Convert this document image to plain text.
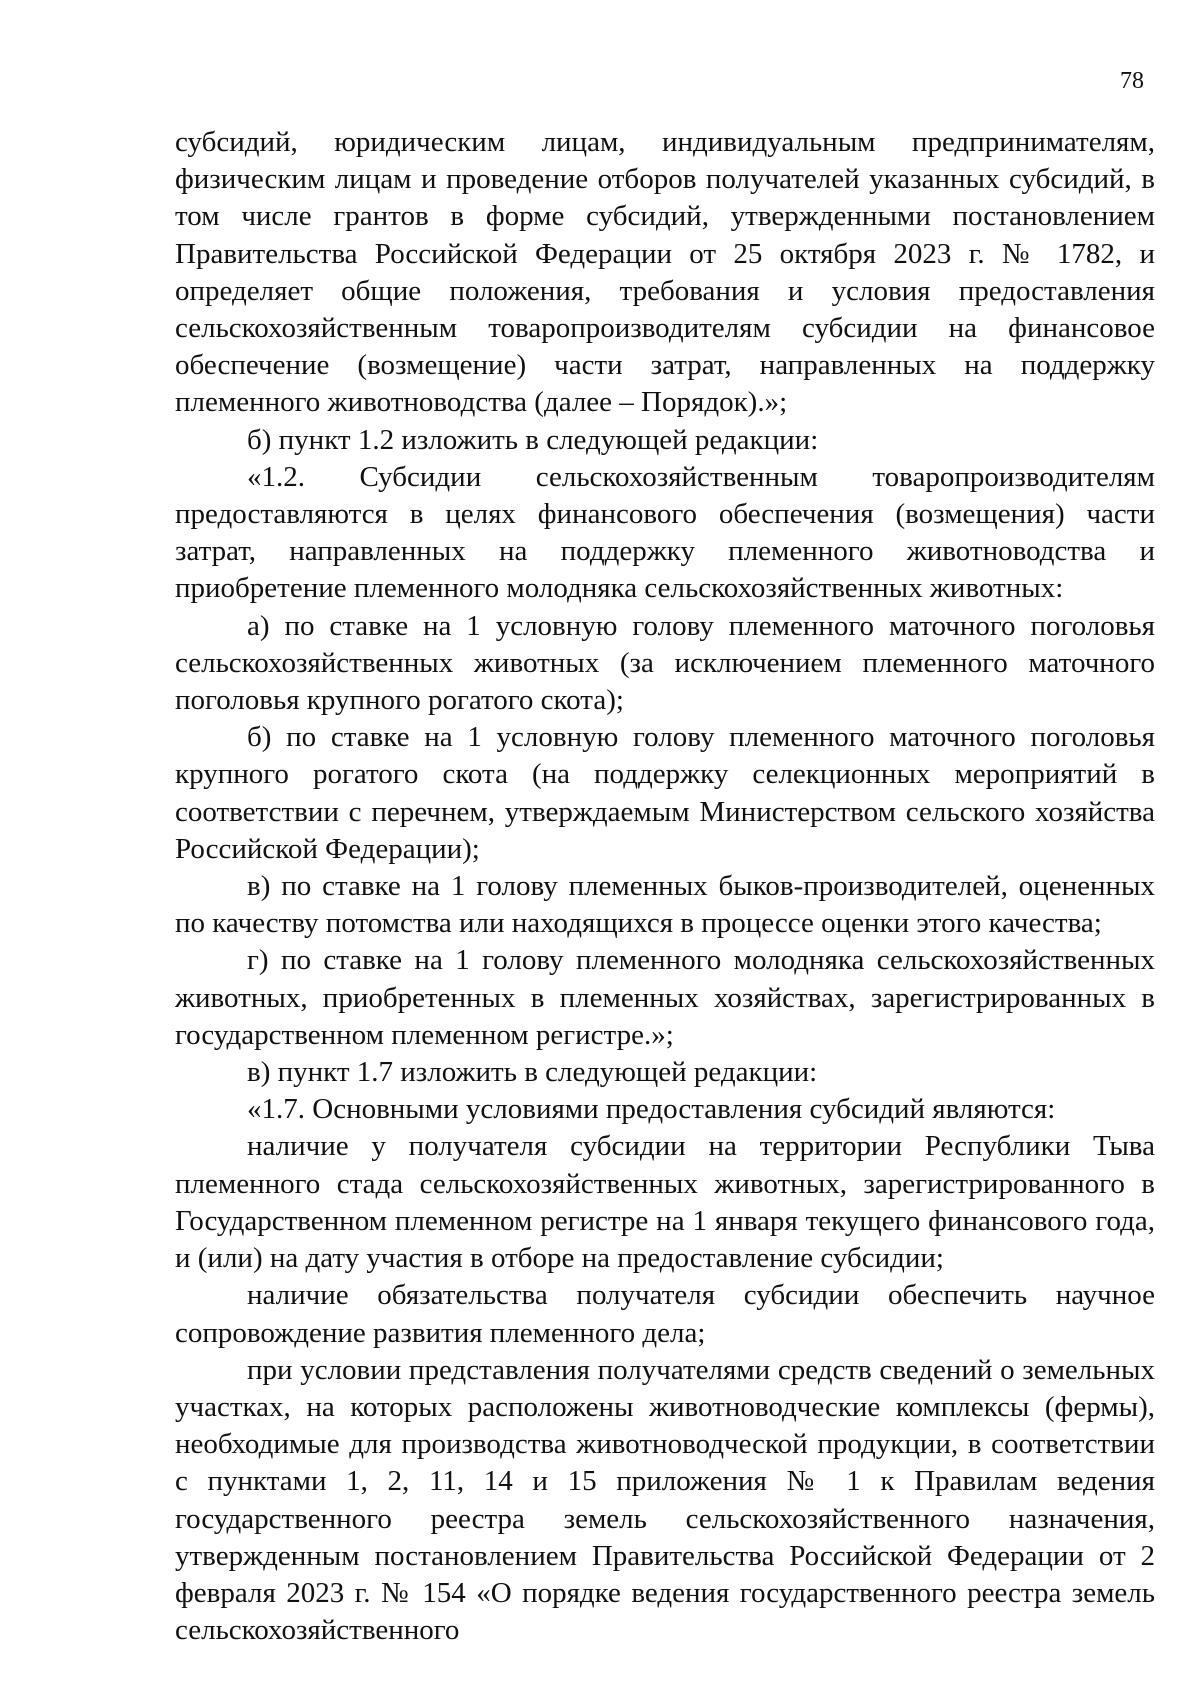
78

субсидий, юридическим лицам, индивидуальным предпринимателям, физическим лицам и проведение отборов получателей указанных субсидий, в том числе грантов в форме субсидий, утвержденными постановлением Правительства Российской Федерации от 25 октября 2023 г. № 1782, и определяет общие положения, требования и условия предоставления сельскохозяйственным товаропроизводителям субсидии на финансовое обеспечение (возмещение) части затрат, направленных на поддержку племенного животноводства (далее – Порядок).»;

б) пункт 1.2 изложить в следующей редакции:

«1.2. Субсидии сельскохозяйственным товаропроизводителям предоставляются в целях финансового обеспечения (возмещения) части затрат, направленных на поддержку племенного животноводства и приобретение племенного молодняка сельскохозяйственных животных:

а) по ставке на 1 условную голову племенного маточного поголовья сельскохозяйственных животных (за исключением племенного маточного поголовья крупного рогатого скота);

б) по ставке на 1 условную голову племенного маточного поголовья крупного рогатого скота (на поддержку селекционных мероприятий в соответствии с перечнем, утверждаемым Министерством сельского хозяйства Российской Федерации);

в) по ставке на 1 голову племенных быков-производителей, оцененных по качеству потомства или находящихся в процессе оценки этого качества;

г) по ставке на 1 голову племенного молодняка сельскохозяйственных животных, приобретенных в племенных хозяйствах, зарегистрированных в государственном племенном регистре.»;

в) пункт 1.7 изложить в следующей редакции:

«1.7. Основными условиями предоставления субсидий являются:

наличие у получателя субсидии на территории Республики Тыва племенного стада сельскохозяйственных животных, зарегистрированного в Государственном племенном регистре на 1 января текущего финансового года, и (или) на дату участия в отборе на предоставление субсидии;

наличие обязательства получателя субсидии обеспечить научное сопровождение развития племенного дела;

при условии представления получателями средств сведений о земельных участках, на которых расположены животноводческие комплексы (фермы), необходимые для производства животноводческой продукции, в соответствии с пунктами 1, 2, 11, 14 и 15 приложения № 1 к Правилам ведения государственного реестра земель сельскохозяйственного назначения, утвержденным постановлением Правительства Российской Федерации от 2 февраля 2023 г. № 154 «О порядке ведения государственного реестра земель сельскохозяйственного
